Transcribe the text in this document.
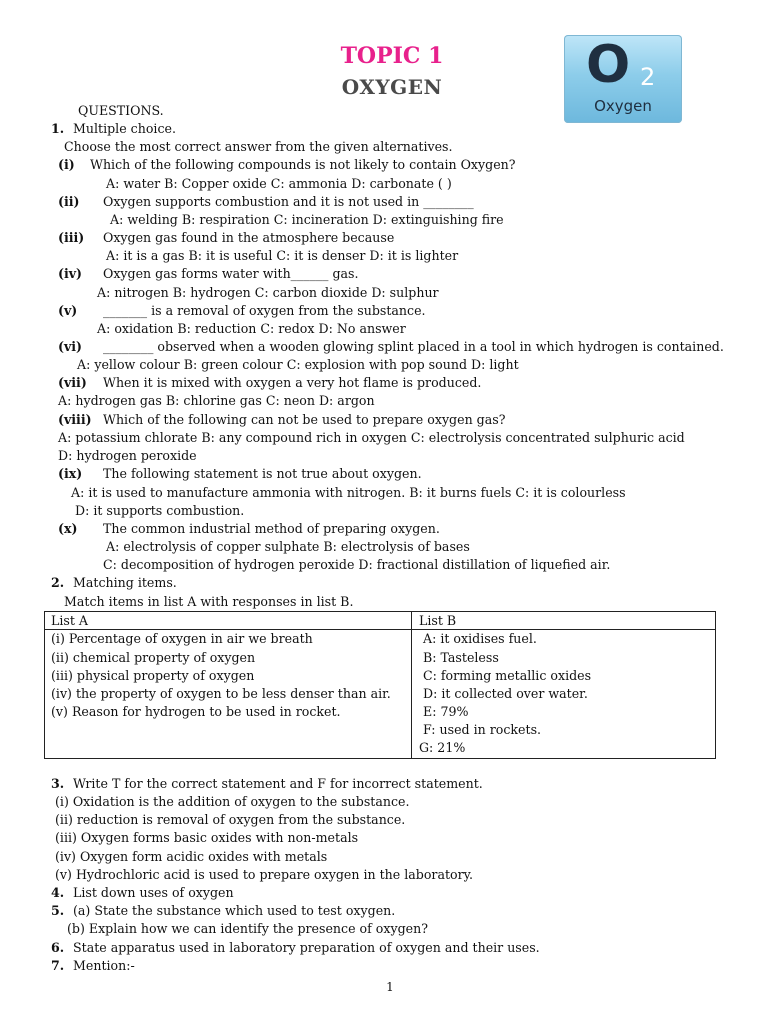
TOPIC 1
OXYGEN	O 2
Oxygen
QUESTIONS.
1. Multiple choice.
Choose the most correct answer from the given alternatives.
(i) Which of the following compounds is not likely to contain Oxygen?
A: water B: Copper oxide C: ammonia D: carbonate ( )
(ii) Oxygen supports combustion and it is not used in ________
A: welding B: respiration C: incineration D: extinguishing fire
(iii) Oxygen gas found in the atmosphere because
A: it is a gas B: it is useful C: it is denser D: it is lighter
(iv) Oxygen gas forms water with______ gas.
A: nitrogen B: hydrogen C: carbon dioxide D: sulphur
(v) _______ is a removal of oxygen from the substance.
A: oxidation B: reduction C: redox D: No answer
(vi) ________ observed when a wooden glowing splint placed in a tool in which hydrogen is contained.
A: yellow colour B: green colour C: explosion with pop sound D: light
(vii) When it is mixed with oxygen a very hot flame is produced.
A: hydrogen gas B: chlorine gas C: neon D: argon
(viii) Which of the following can not be used to prepare oxygen gas?
A: potassium chlorate B: any compound rich in oxygen C: electrolysis concentrated sulphuric acid
D: hydrogen peroxide
(ix) The following statement is not true about oxygen.
A: it is used to manufacture ammonia with nitrogen. B: it burns fuels C: it is colourless
D: it supports combustion.
(x) The common industrial method of preparing oxygen.
A: electrolysis of copper sulphate B: electrolysis of bases
C: decomposition of hydrogen peroxide D: fractional distillation of liquefied air.
2. Matching items.
Match items in list A with responses in list B.
List A	List B
(i) Percentage of oxygen in air we breath
(ii) chemical property of oxygen
(iii) physical property of oxygen
(iv) the property of oxygen to be less denser than air.
(v) Reason for hydrogen to be used in rocket.
A: it oxidises fuel.
B: Tasteless
C: forming metallic oxides
D: it collected over water.
E: 79%
F: used in rockets.
G: 21%
3. Write T for the correct statement and F for incorrect statement.
(i) Oxidation is the addition of oxygen to the substance.
(ii) reduction is removal of oxygen from the substance.
(iii) Oxygen forms basic oxides with non-metals
(iv) Oxygen form acidic oxides with metals
(v) Hydrochloric acid is used to prepare oxygen in the laboratory.
4. List down uses of oxygen
5. (a) State the substance which used to test oxygen.
(b) Explain how we can identify the presence of oxygen?
6. State apparatus used in laboratory preparation of oxygen and their uses.
7. Mention:-
1
